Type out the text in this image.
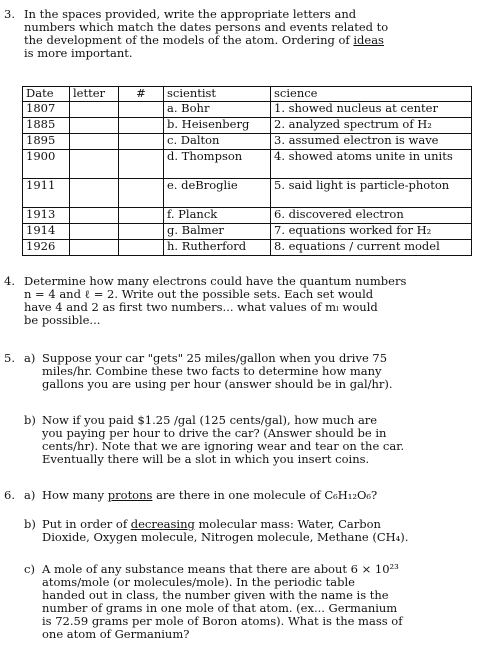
3. In the spaces provided, write the appropriate letters and
numbers which match the dates persons and events related to
the development of the models of the atom. Ordering of ideas
is more important.
Date	letter	#	scientist	science
1807			a. Bohr	1. showed nucleus at center
1885			b. Heisenberg	2. analyzed spectrum of H₂
1895			c. Dalton	3. assumed electron is wave
1900			d. Thompson	4. showed atoms unite in units
1911			e. deBroglie	5. said light is particle-photon
1913			f. Planck	6. discovered electron
1914			g. Balmer	7. equations worked for H₂
1926			h. Rutherford	8. equations / current model
4. Determine how many electrons could have the quantum numbers
n = 4 and ℓ = 2. Write out the possible sets. Each set would
have 4 and 2 as first two numbers... what values of mₗ would
be possible...
5. a) Suppose your car "gets" 25 miles/gallon when you drive 75
miles/hr. Combine these two facts to determine how many
gallons you are using per hour (answer should be in gal/hr).
b) Now if you paid $1.25 /gal (125 cents/gal), how much are
you paying per hour to drive the car? (Answer should be in
cents/hr). Note that we are ignoring wear and tear on the car.
Eventually there will be a slot in which you insert coins.
6. a) How many protons are there in one molecule of C₆H₁₂O₆?
b) Put in order of decreasing molecular mass: Water, Carbon
Dioxide, Oxygen molecule, Nitrogen molecule, Methane (CH₄).
c) A mole of any substance means that there are about 6 × 10²³
atoms/mole (or molecules/mole). In the periodic table
handed out in class, the number given with the name is the
number of grams in one mole of that atom. (ex... Germanium
is 72.59 grams per mole of Boron atoms). What is the mass of
one atom of Germanium?
